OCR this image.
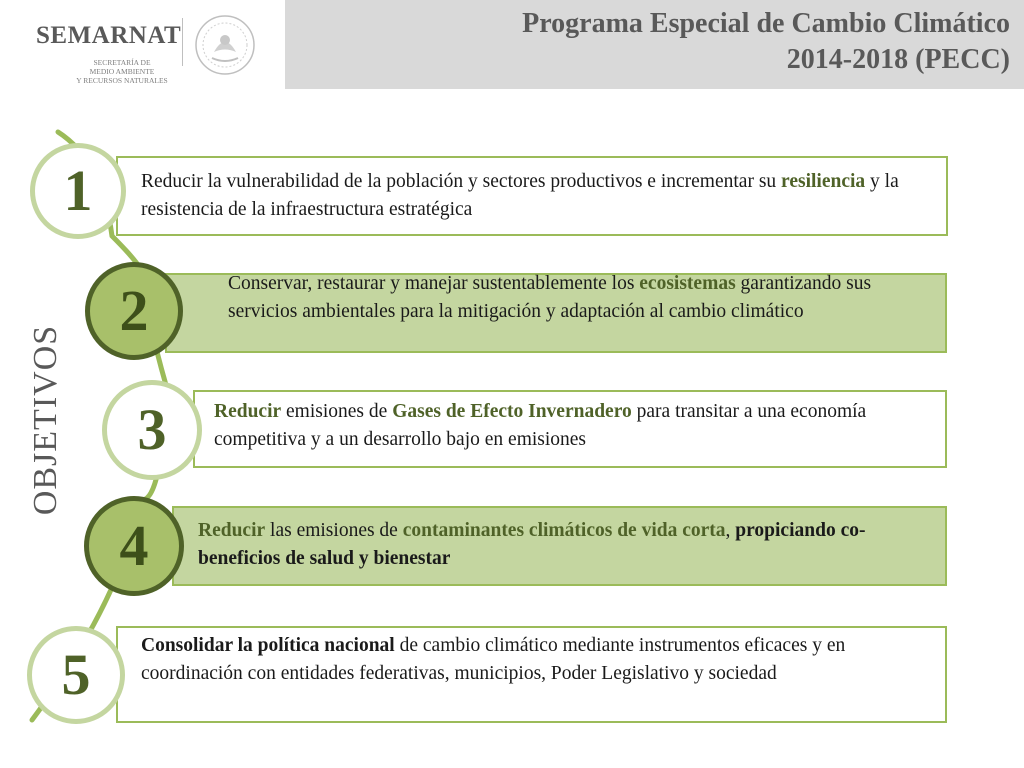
Programa Especial de Cambio Climático
2014-2018 (PECC)
SEMARNAT
SECRETARÍA DE
MEDIO AMBIENTE
Y RECURSOS NATURALES
OBJETIVOS
Reducir la vulnerabilidad de la población y sectores productivos e incrementar su resiliencia y la resistencia de la infraestructura estratégica
1
Conservar, restaurar y manejar sustentablemente los ecosistemas garantizando sus servicios ambientales para la mitigación y adaptación al cambio climático
2
Reducir emisiones de Gases de Efecto Invernadero para transitar a una economía competitiva y a un desarrollo bajo en emisiones
3
Reducir las emisiones de contaminantes climáticos de vida corta, propiciando co-beneficios de salud y bienestar
4
Consolidar la política nacional de cambio climático mediante instrumentos eficaces y en coordinación con entidades federativas, municipios, Poder Legislativo y sociedad
5
